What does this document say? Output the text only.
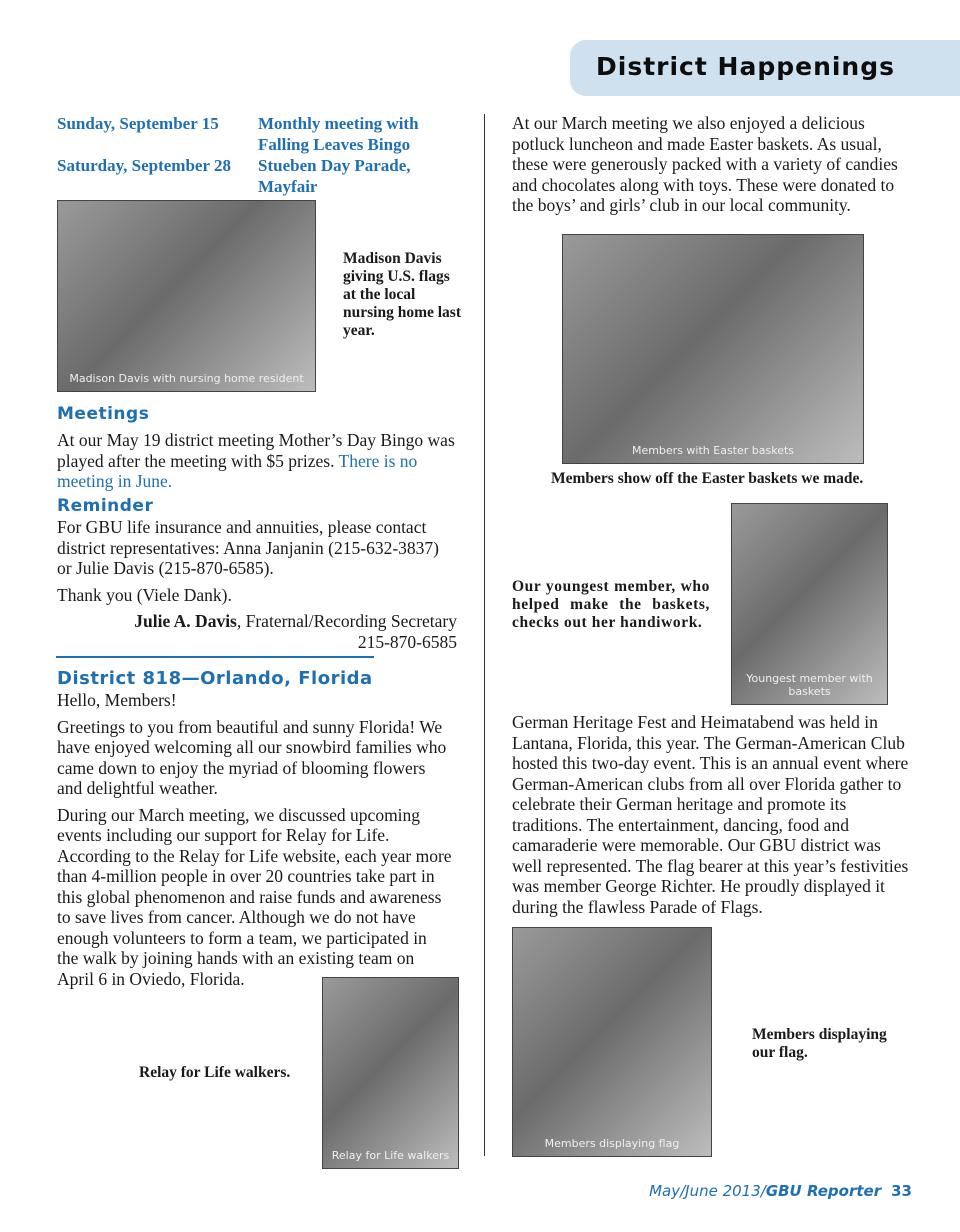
District Happenings
Sunday, September 15	Monthly meeting with Falling Leaves Bingo
Saturday, September 28	Stueben Day Parade, Mayfair
Madison Davis with nursing home resident
Madison Davis giving U.S. flags at the local nursing home last year.
Meetings
At our May 19 district meeting Mother’s Day Bingo was played after the meeting with $5 prizes. There is no meeting in June.
Reminder

For GBU life insurance and annuities, please contact district representatives: Anna Janjanin (215-632-3837) or Julie Davis (215-870-6585).

Thank you (Viele Dank).

Julie A. Davis, Fraternal/Recording Secretary
215-870-6585
District 818—Orlando, Florida

Hello, Members!

Greetings to you from beautiful and sunny Florida! We have enjoyed welcoming all our snowbird families who came down to enjoy the myriad of blooming flowers and delightful weather.

During our March meeting, we discussed upcoming events including our support for Relay for Life. According to the Relay for Life website, each year more than 4-million people in over 20 countries take part in this global phenomenon and raise funds and awareness to save lives from cancer. Although we do not have enough volunteers to form a team, we participated in the walk by joining hands with an existing team on April 6 in Oviedo, Florida.

Relay for Life walkers
Relay for Life walkers.
At our March meeting we also enjoyed a delicious potluck luncheon and made Easter baskets. As usual, these were generously packed with a variety of candies and chocolates along with toys. These were donated to the boys’ and girls’ club in our local community.
Members with Easter baskets
Members show off the Easter baskets we made.
Youngest member with baskets
Our youngest member, who helped make the baskets, checks out her handiwork.
German Heritage Fest and Heimatabend was held in Lantana, Florida, this year. The German-American Club hosted this two-day event. This is an annual event where German-American clubs from all over Florida gather to celebrate their German heritage and promote its traditions. The entertainment, dancing, food and camaraderie were memorable. Our GBU district was well represented. The flag bearer at this year’s festivities was member George Richter. He proudly displayed it during the flawless Parade of Flags.
Members displaying flag
Members displaying our flag.
May/June 2013/GBU Reporter 33
